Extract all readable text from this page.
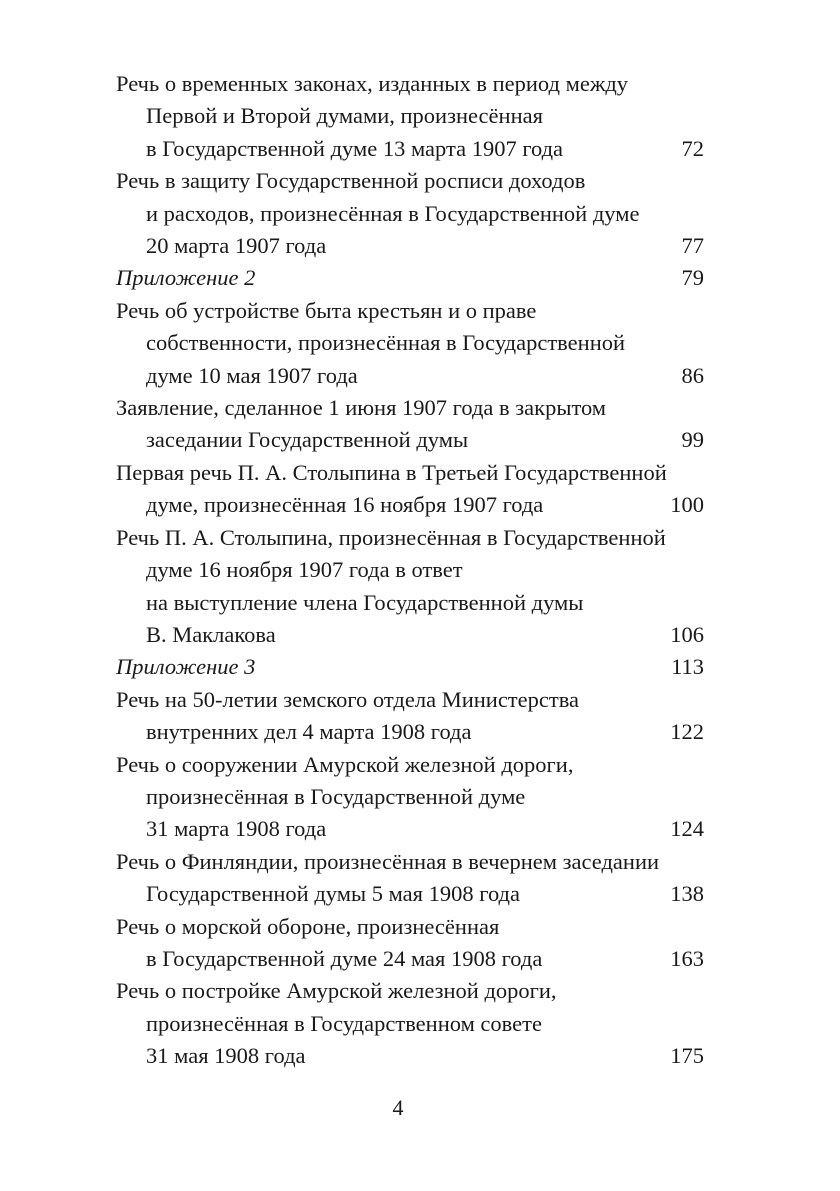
Речь о временных законах, изданных в период между
Первой и Второй думами, произнесённая
в Государственной думе 13 марта 1907 года	72
Речь в защиту Государственной росписи доходов
и расходов, произнесённая в Государственной думе
20 марта 1907 года	77
Приложение 2	79
Речь об устройстве быта крестьян и о праве
собственности, произнесённая в Государственной
думе 10 мая 1907 года	86
Заявление, сделанное 1 июня 1907 года в закрытом
заседании Государственной думы	99
Первая речь П. А. Столыпина в Третьей Государственной
думе, произнесённая 16 ноября 1907 года	100
Речь П. А. Столыпина, произнесённая в Государственной
думе 16 ноября 1907 года в ответ
на выступление члена Государственной думы
В. Маклакова	106
Приложение 3	113
Речь на 50-летии земского отдела Министерства
внутренних дел 4 марта 1908 года	122
Речь о сооружении Амурской железной дороги,
произнесённая в Государственной думе
31 марта 1908 года	124
Речь о Финляндии, произнесённая в вечернем заседании
Государственной думы 5 мая 1908 года	138
Речь о морской обороне, произнесённая
в Государственной думе 24 мая 1908 года	163
Речь о постройке Амурской железной дороги,
произнесённая в Государственном совете
31 мая 1908 года	175
4
